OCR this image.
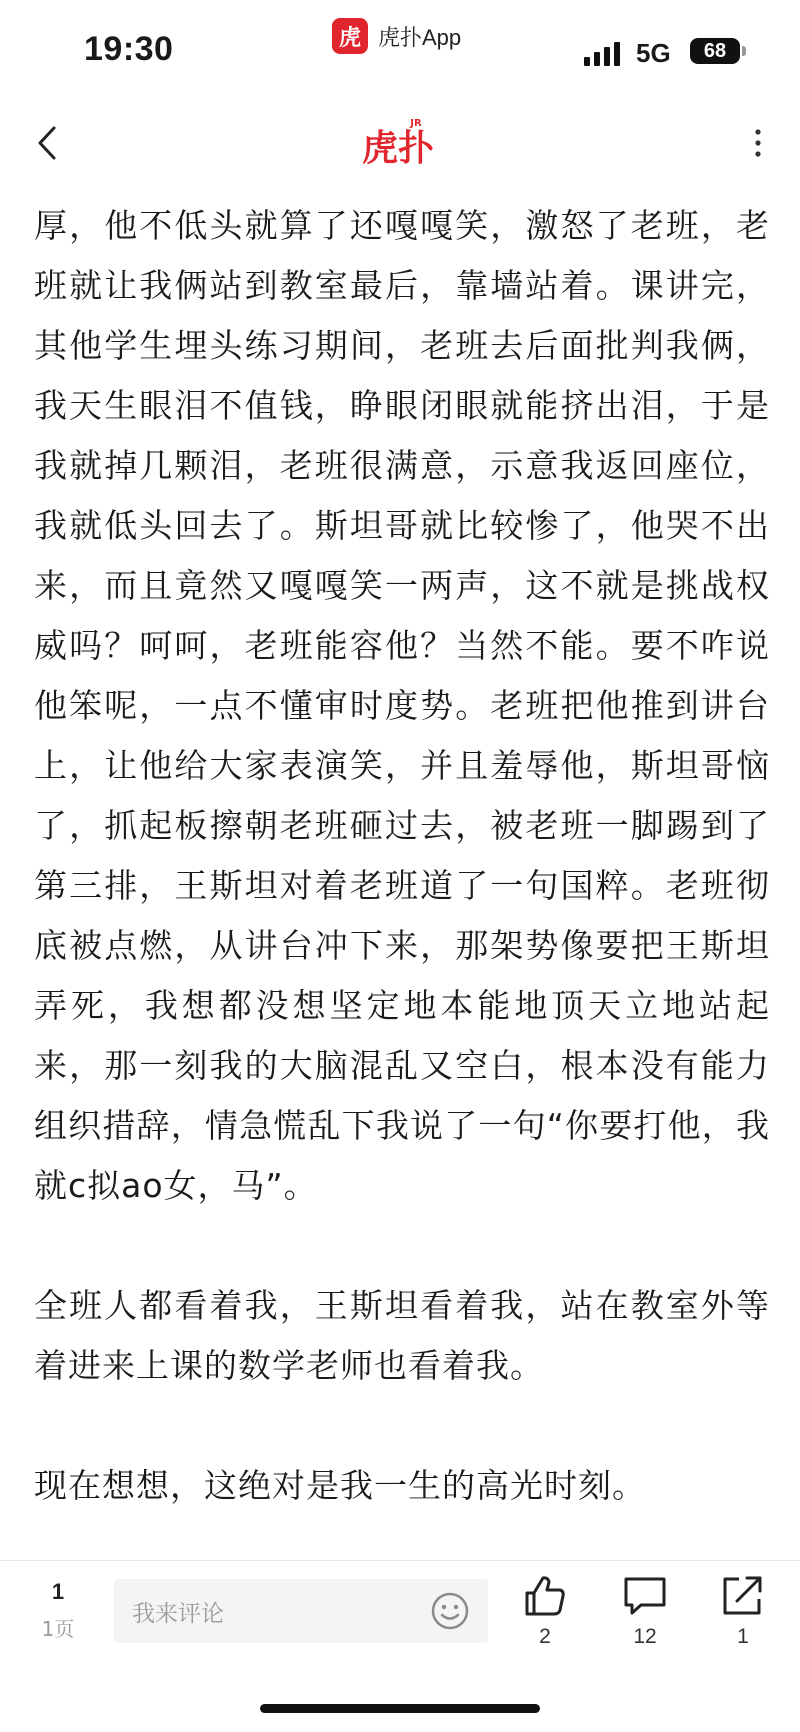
19:30	虎 虎扑App
5G 68
虎扑
JR

厚，他不低头就算了还嘎嘎笑，激怒了老班，老班就让我俩站到教室最后，靠墙站着。课讲完，其他学生埋头练习期间，老班去后面批判我俩，我天生眼泪不值钱，睁眼闭眼就能挤出泪，于是我就掉几颗泪，老班很满意，示意我返回座位，我就低头回去了。斯坦哥就比较惨了，他哭不出来，而且竟然又嘎嘎笑一两声，这不就是挑战权威吗？呵呵，老班能容他？当然不能。要不咋说他笨呢，一点不懂审时度势。老班把他推到讲台上，让他给大家表演笑，并且羞辱他，斯坦哥恼了，抓起板擦朝老班砸过去，被老班一脚踢到了第三排，王斯坦对着老班道了一句国粹。老班彻底被点燃，从讲台冲下来，那架势像要把王斯坦弄死，我想都没想坚定地本能地顶天立地站起来，那一刻我的大脑混乱又空白，根本没有能力组织措辞，情急慌乱下我说了一句“你要打他，我就c拟ao女，马”。

全班人都看着我，王斯坦看着我，站在教室外等着进来上课的数学老师也看着我。

现在想想，这绝对是我一生的高光时刻。

1
1页
我来评论
2	12	1
